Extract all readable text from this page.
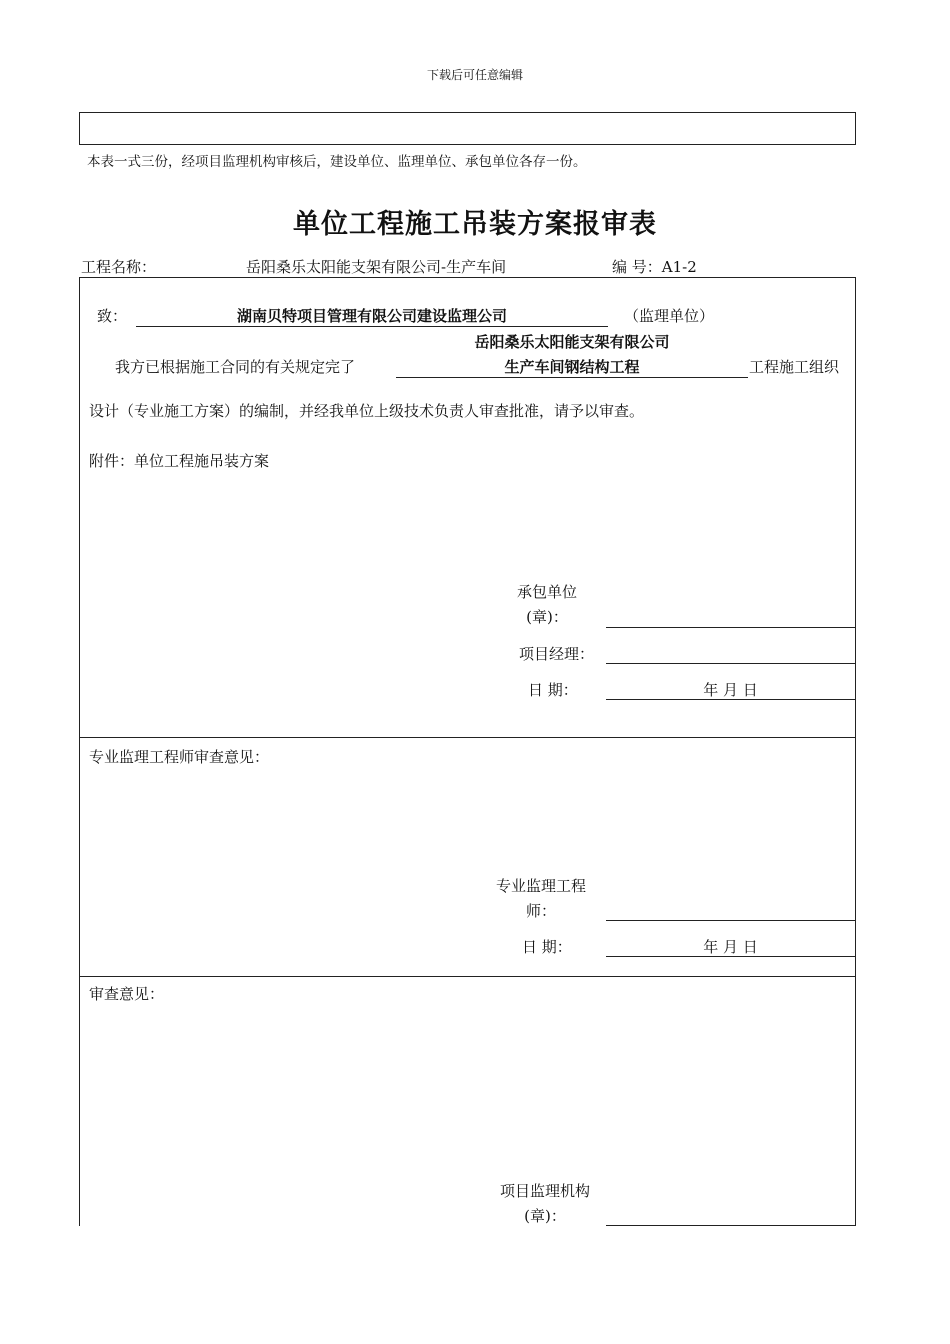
下载后可任意编辑
本表一式三份，经项目监理机构审核后，建设单位、监理单位、承包单位各存一份。
单位工程施工吊装方案报审表
工程名称：	岳阳桑乐太阳能支架有限公司-生产车间	编 号：A1-2
致：	湖南贝特项目管理有限公司建设监理公司	（监理单位）
岳阳桑乐太阳能支架有限公司
我方已根据施工合同的有关规定完了	生产车间钢结构工程	工程施工组织
设计（专业施工方案）的编制，并经我单位上级技术负责人审查批准，请予以审查。
附件：单位工程施吊装方案
承包单位
(章)：
项目经理：
日 期：	年 月 日
专业监理工程师审查意见：
专业监理工程
师：
日 期：	年 月 日
审查意见：
项目监理机构
(章)：
